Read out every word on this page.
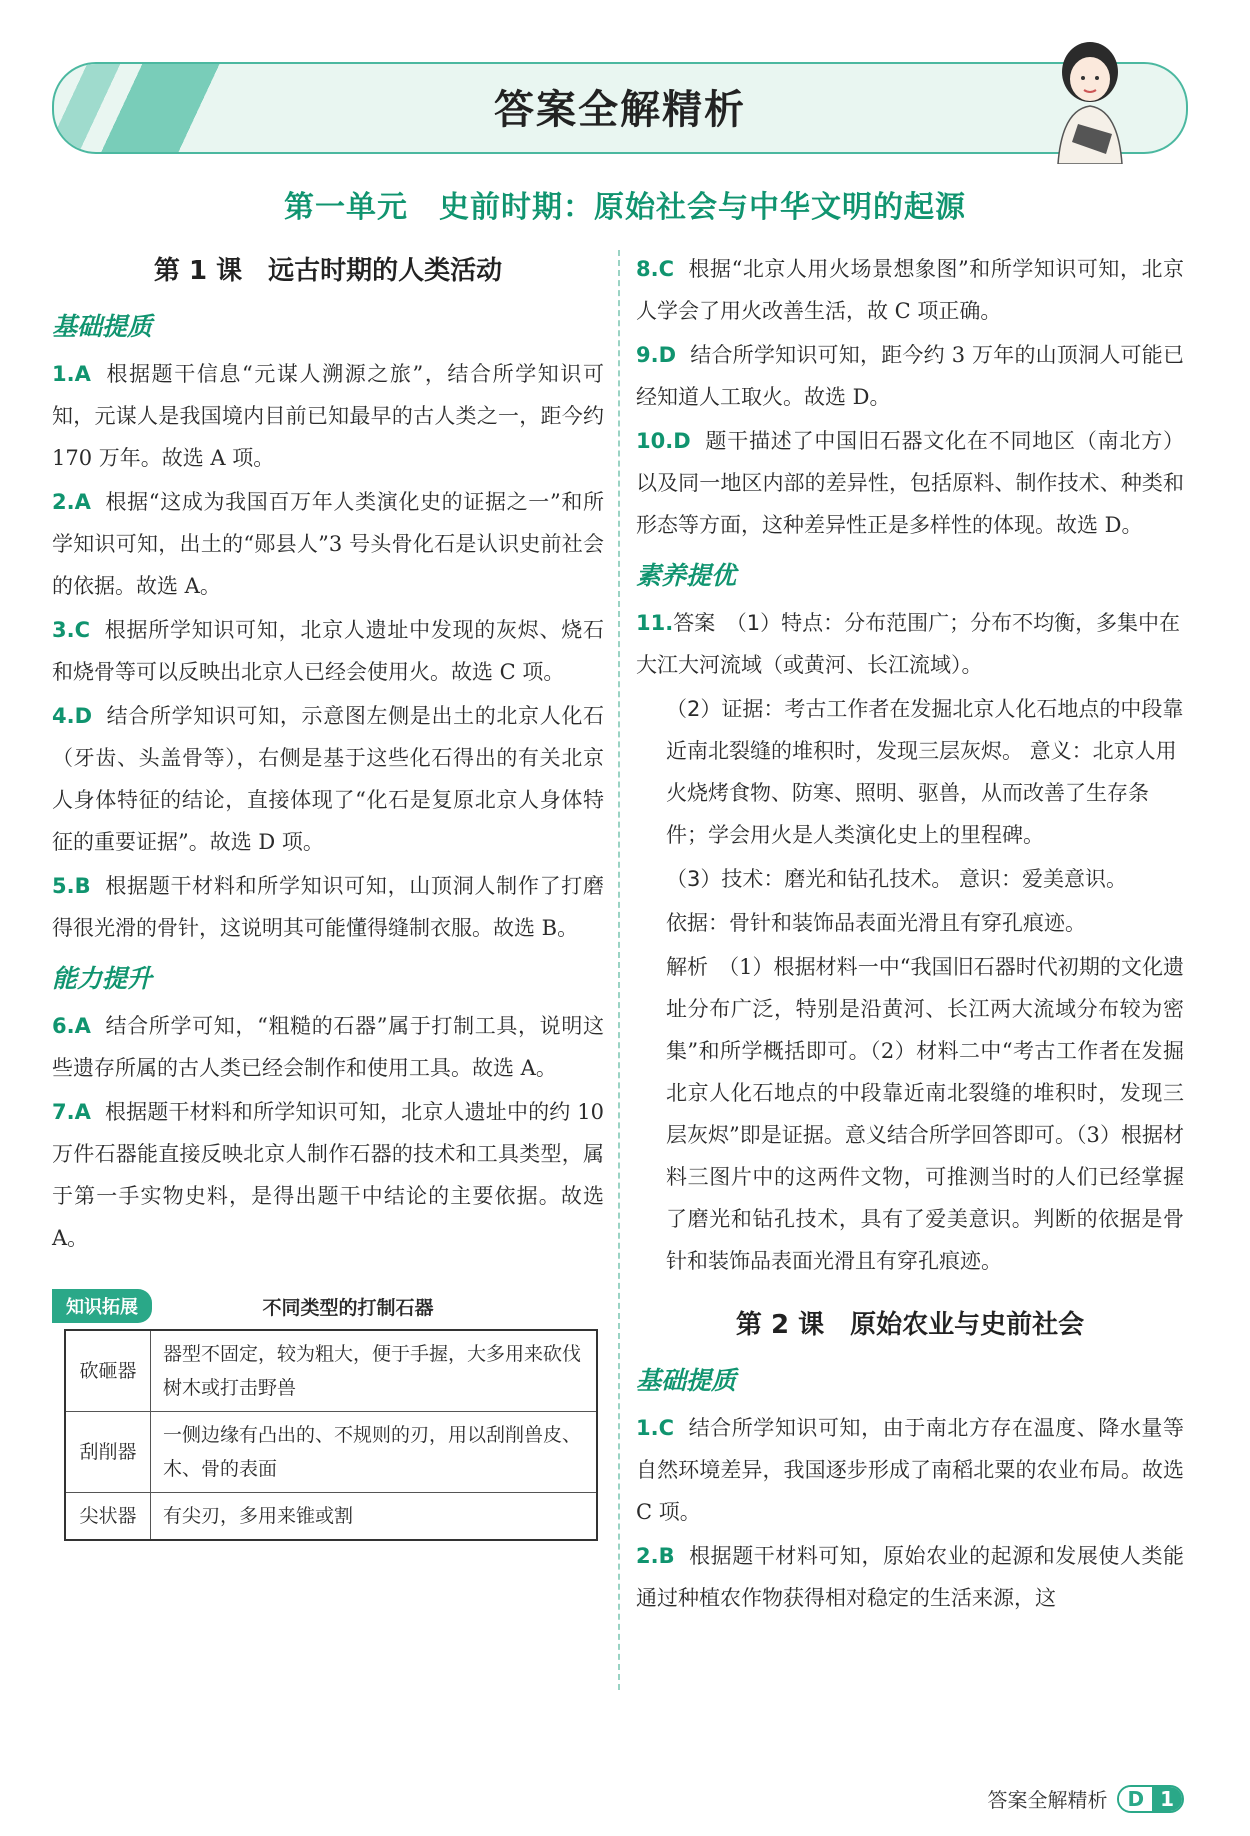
答案全解精析
第一单元　史前时期：原始社会与中华文明的起源
第 1 课　远古时期的人类活动
基础提质
1.A 根据题干信息“元谋人溯源之旅”，结合所学知识可知，元谋人是我国境内目前已知最早的古人类之一，距今约 170 万年。故选 A 项。
2.A 根据“这成为我国百万年人类演化史的证据之一”和所学知识可知，出土的“郧县人”3 号头骨化石是认识史前社会的依据。故选 A。
3.C 根据所学知识可知，北京人遗址中发现的灰烬、烧石和烧骨等可以反映出北京人已经会使用火。故选 C 项。
4.D 结合所学知识可知，示意图左侧是出土的北京人化石（牙齿、头盖骨等），右侧是基于这些化石得出的有关北京人身体特征的结论，直接体现了“化石是复原北京人身体特征的重要证据”。故选 D 项。
5.B 根据题干材料和所学知识可知，山顶洞人制作了打磨得很光滑的骨针，这说明其可能懂得缝制衣服。故选 B。
能力提升
6.A 结合所学可知，“粗糙的石器”属于打制工具，说明这些遗存所属的古人类已经会制作和使用工具。故选 A。
7.A 根据题干材料和所学知识可知，北京人遗址中的约 10 万件石器能直接反映北京人制作石器的技术和工具类型，属于第一手实物史料，是得出题干中结论的主要依据。故选 A。
知识拓展	不同类型的打制石器
砍砸器	器型不固定，较为粗大，便于手握，大多用来砍伐树木或打击野兽
刮削器	一侧边缘有凸出的、不规则的刃，用以刮削兽皮、木、骨的表面
尖状器	有尖刃，多用来锥或割
8.C 根据“北京人用火场景想象图”和所学知识可知，北京人学会了用火改善生活，故 C 项正确。
9.D 结合所学知识可知，距今约 3 万年的山顶洞人可能已经知道人工取火。故选 D。
10.D 题干描述了中国旧石器文化在不同地区（南北方）以及同一地区内部的差异性，包括原料、制作技术、种类和形态等方面，这种差异性正是多样性的体现。故选 D。
素养提优
11.答案　 （1）特点：分布范围广；分布不均衡，多集中在大江大河流域（或黄河、长江流域）。
（2）证据：考古工作者在发掘北京人化石地点的中段靠近南北裂缝的堆积时，发现三层灰烬。 意义：北京人用火烧烤食物、防寒、照明、驱兽，从而改善了生存条件；学会用火是人类演化史上的里程碑。
（3）技术：磨光和钻孔技术。 意识：爱美意识。
依据：骨针和装饰品表面光滑且有穿孔痕迹。
解析 （1）根据材料一中“我国旧石器时代初期的文化遗址分布广泛，特别是沿黄河、长江两大流域分布较为密集”和所学概括即可。（2）材料二中“考古工作者在发掘北京人化石地点的中段靠近南北裂缝的堆积时，发现三层灰烬”即是证据。意义结合所学回答即可。（3）根据材料三图片中的这两件文物，可推测当时的人们已经掌握了磨光和钻孔技术，具有了爱美意识。判断的依据是骨针和装饰品表面光滑且有穿孔痕迹。
第 2 课　原始农业与史前社会
基础提质
1.C 结合所学知识可知，由于南北方存在温度、降水量等自然环境差异，我国逐步形成了南稻北粟的农业布局。故选 C 项。
2.B 根据题干材料可知，原始农业的起源和发展使人类能通过种植农作物获得相对稳定的生活来源，这
答案全解精析	D 1
